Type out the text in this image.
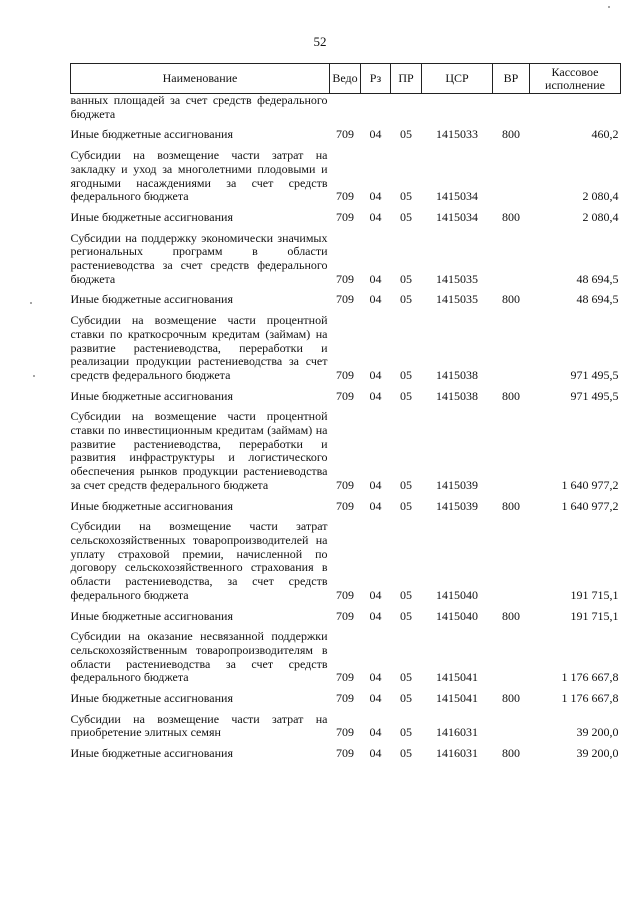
52
Наименование	Ведо	Рз	ПР	ЦСР	ВР	Кассовое исполнение
ванных площадей за счет средств федерального бюджета						
Иные бюджетные ассигнования	709	04	05	1415033	800	460,2
Субсидии на возмещение части затрат на закладку и уход за многолетними плодовыми и ягодными насаждениями за счет средств федерального бюджета	709	04	05	1415034		2 080,4
Иные бюджетные ассигнования	709	04	05	1415034	800	2 080,4
Субсидии на поддержку экономически значимых региональных программ в области растениеводства за счет средств федерального бюджета	709	04	05	1415035		48 694,5
Иные бюджетные ассигнования	709	04	05	1415035	800	48 694,5
Субсидии на возмещение части процентной ставки по краткосрочным кредитам (займам) на развитие растениеводства, переработки и реализации продукции растениеводства за счет средств федерального бюджета	709	04	05	1415038		971 495,5
Иные бюджетные ассигнования	709	04	05	1415038	800	971 495,5
Субсидии на возмещение части процентной ставки по инвестиционным кредитам (займам) на развитие растениеводства, переработки и развития инфраструктуры и логистического обеспечения рынков продукции растениеводства за счет средств федерального бюджета	709	04	05	1415039		1 640 977,2
Иные бюджетные ассигнования	709	04	05	1415039	800	1 640 977,2
Субсидии на возмещение части затрат сельскохозяйственных товаропроизводителей на уплату страховой премии, начисленной по договору сельскохозяйственного страхования в области растениеводства, за счет средств федерального бюджета	709	04	05	1415040		191 715,1
Иные бюджетные ассигнования	709	04	05	1415040	800	191 715,1
Субсидии на оказание несвязанной поддержки сельскохозяйственным товаропроизводителям в области растениеводства за счет средств федерального бюджета	709	04	05	1415041		1 176 667,8
Иные бюджетные ассигнования	709	04	05	1415041	800	1 176 667,8
Субсидии на возмещение части затрат на приобретение элитных семян	709	04	05	1416031		39 200,0
Иные бюджетные ассигнования	709	04	05	1416031	800	39 200,0
